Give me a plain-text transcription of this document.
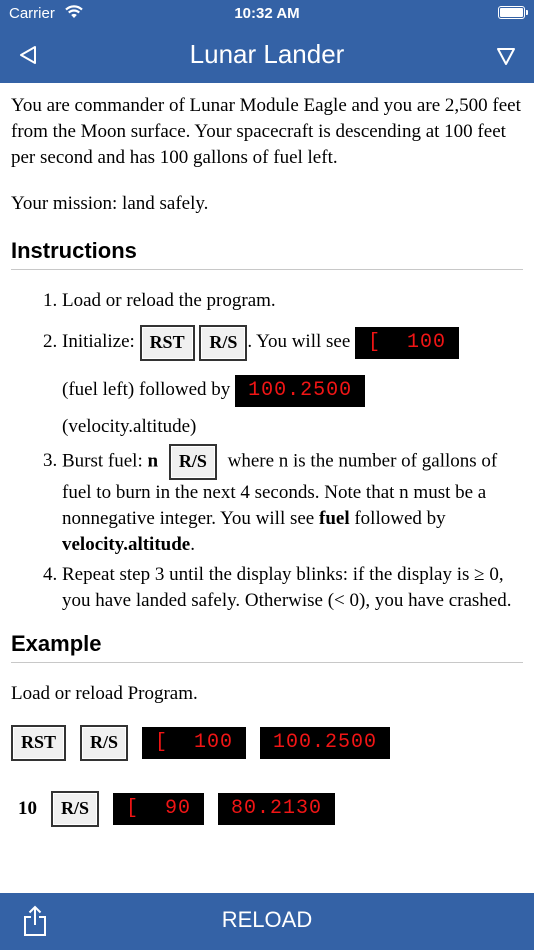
Carrier	10:32 AM
Lunar Lander

You are commander of Lunar Module Eagle and you are 2,500 feet from the Moon surface. Your spacecraft is descending at 100 feet per second and has 100 gallons of fuel left.

Your mission: land safely.

Instructions
1. Load or reload the program.
2. Initialize: RST R/S . You will see [  100
(fuel left) followed by 100.2500
(velocity.altitude)
3. Burst fuel: n R/S where n is the number of gallons of fuel to burn in the next 4 seconds. Note that n must be a nonnegative integer. You will see fuel followed by velocity.altitude.
4. Repeat step 3 until the display blinks: if the display is ≥ 0, you have landed safely. Otherwise (< 0), you have crashed.
Example

Load or reload Program.

RST	R/S	[  100	100.2500
10	R/S	[  90	80.2130
RELOAD
